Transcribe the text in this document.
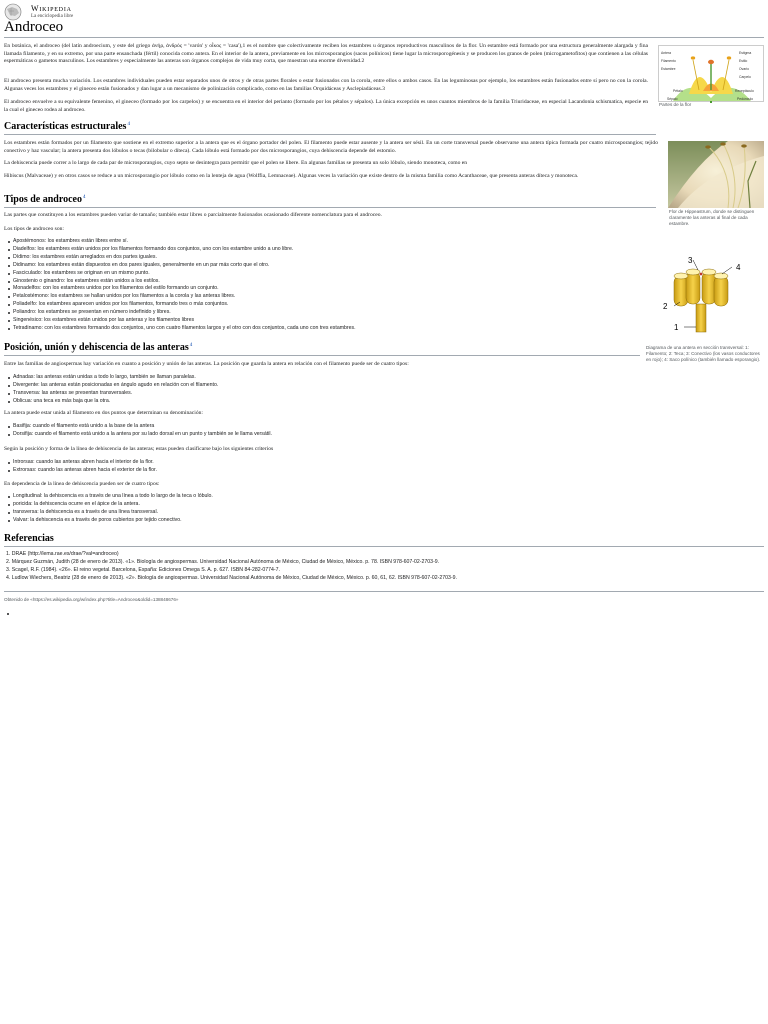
Wikipedia
La enciclopedia libre
Androceo

En botánica, el androceo (del latín androecium, y este del griego ἀνήρ, ἀνδρός = 'varón' y οἶκος = 'casa'),1 es el nombre que colectivamente reciben los estambres u órganos reproductivos masculinos de la flor. Un estambre está formado por una estructura generalmente alargada y fina llamada filamento, y en su extremo, por una parte ensanchada (fértil) conocida como antera. En el interior de la antera, previamente en los microsporangios (sacos polínicos) tiene lugar la microsporogénesis y se producen los granos de polen (microgametofitos) que contienen a las células espermáticas o gametos masculinos. Los estambres y especialmente las anteras son órganos complejos de vida muy corta, que muestran una enorme diversidad.2

El androceo presenta mucha variación. Los estambres individuales pueden estar separados unos de otros y de otras partes florales o estar fusionados con la corola, entre ellos o ambos casos. En las leguminosas por ejemplo, los estambres están fusionados entre sí pero no con la corola. Algunas veces los estambres y el gineceo están fusionados y dan lugar a un mecanismo de polinización complicado, como en las familias Orquidáceas y Asclepiadáceas.3

El androceo envuelve a su equivalente femenino, el gineceo (formado por los carpelos) y se encuentra en el interior del perianto (formado por los pétalos y sépalos). La única excepción es unos cuantos miembros de la familia Triuridaceae, en especial Lacandonia schismatica, especie en la cual el gineceo rodea al androceo.

Antera
Filamento
Estambre
Estigma
Estilo
Ovario
Carpelo
Pétalo
Sépalo
Receptáculo
Pedúnculo
Partes de la flor
Características estructurales$^4$

Los estambres están formados por un filamento que sostiene en el extremo superior a la antera que es el órgano portador del polen. El filamento puede estar ausente y la antera ser sésil. En un corte transversal puede observarse una antera típica formada por cuatro microsporangios; tejido conectivo y haz vascular; la antera presenta dos lóbulos o tecas (bilobular o díteca). Cada lóbulo está formado por dos microsporangios, cuya dehiscencia depende del estomio.

La dehiscencia puede correr a lo largo de cada par de microsporangios, cuyo septo se desintegra para permitir que el polen se libere. En algunas familias se presenta un solo lóbulo, siendo monoteca, como en

Hibiscus (Malvaceae) y en otros casos se reduce a un microsporangio por lóbulo como en la lenteja de agua (Wolffia, Lemnaceae). Algunas veces la variación que existe dentro de la misma familia como Acanthaceae, que presenta anteras díteca y monoteca.

Flor de Hippeastrum, donde se distinguen claramente las anteras al final de cada estambre.
Tipos de androceo$^4$

Las partes que constituyen a los estambres pueden variar de tamaño; también estar libres o parcialmente fusionados ocasionado diferente nomenclatura para el androceo.

Los tipos de androceo son:

Apostémonos: los estambres están libres entre sí.
Diadelfos: los estambres están unidos por los filamentos formando dos conjuntos, uno con los estambre unido a uno libre.
Dídimo: los estambres están arreglados en dos partes iguales.
Didinamo: los estambres están dispuestos en dos pares iguales, generalmente en un par más corto que el otro.
Fasciculado: los estambres se originan en un mismo punto.
Ginostenio o ginandro: los estambres están unidos a los estilos.
Monadelfos: con los estambres unidos por los filamentos del estilo formando un conjunto.
Petalostémono: los estambres se hallan unidos por los filamentos a la corola y las anteras libres.
Poliadelfo: los estambres aparecen unidos por los filamentos, formando tres o más conjuntos.
Poliandro: los estambres se presentan en número indefinido y libres.
Singenésico: los estambres están unidos por las anteras y los filamentos libres
Tetradinamo: con los estambres formando dos conjuntos, uno con cuatro filamentos largos y el otro con dos conjuntos, cada uno con tres estambres.	1
2
3
4
Diagrama de una antera en sección transversal: 1: Filamento; 2: Teca; 3: Conectivo (los vasos conductores en rojo); 4: Saco polínico (también llamado esporangio).
Posición, unión y dehiscencia de las anteras$^4$

Entre las familias de angiospermas hay variación en cuanto a posición y unión de las anteras. La posición que guarda la antera en relación con el filamento puede ser de cuatro tipos:

Adnadas: las anteras están unidas a todo lo largo, también se llaman paralelas.
Divergente: las anteras están posicionadas en ángulo agudo en relación con el filamento.
Transversa: las anteras se presentan transversales.
Oblicua: una teca es más baja que la otra.

La antera puede estar unida al filamento en dos puntos que determinan su denominación:

Basifija: cuando el filamento está unido a la base de la antera
Dorsifija: cuando el filamento está unido a la antera por su lado dorsal en un punto y también se le llama versátil.

Según la posición y forma de la línea de dehiscencia de las anteras; estas pueden clasificarse bajo los siguientes criterios

Introrsas: cuando las anteras abren hacia el interior de la flor.
Extrorsas: cuando las anteras abren hacia el exterior de la flor.

En dependencia de la línea de dehiscencia pueden ser de cuatro tipos:

Longitudinal: la dehiscencia es a través de una línea a todo lo largo de la teca o lóbulo.
poricida: la dehiscencia ocurre en el ápice de la antera.
transversa: la dehiscencia es a través de una línea transversal.
Valvar: la dehiscencia es a través de poros cubiertos por tejido conectivo.
Referencias
1. DRAE (http://lema.rae.es/drae/?val=androceo)
2. Márquez Guzmán, Judith (28 de enero de 2013). «1». Biología de angiospermas. Universidad Nacional Autónoma de México, Ciudad de México, México. p. 78. ISBN 978-607-02-2703-9.
3. Scagel, R.F. (1984). «26». El reino vegetal. Barcelona, España: Ediciones Omega S. A. p. 627. ISBN 84-282-0774-7.
4. Ludlow Wiechers, Beatriz (28 de enero de 2013). «2». Biología de angiospermas. Universidad Nacional Autónoma de México, Ciudad de México, México. p. 60, 61, 62. ISBN 978-607-02-2703-9.
Obtenido de «https://es.wikipedia.org/w/index.php?title=Androceo&oldid=138848676»
